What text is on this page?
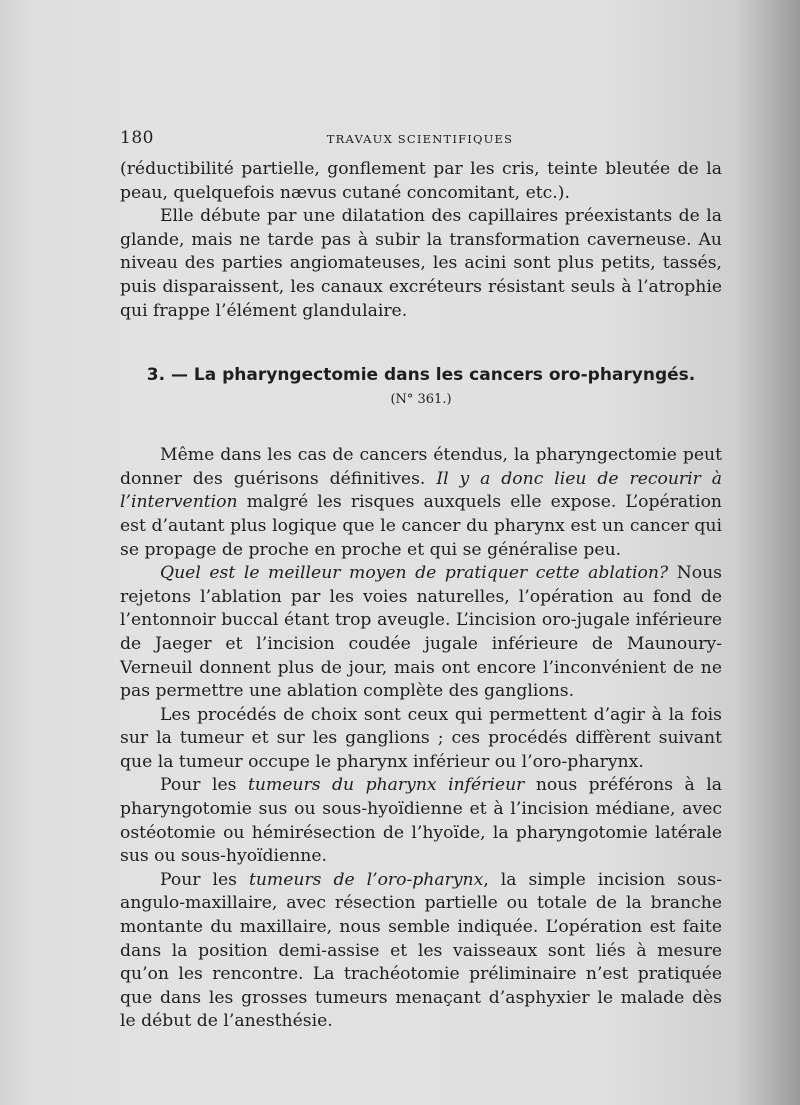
180	TRAVAUX SCIENTIFIQUES

(réductibilité partielle, gonflement par les cris, teinte bleutée de la peau, quelquefois nævus cutané concomitant, etc.).

Elle débute par une dilatation des capillaires préexistants de la glande, mais ne tarde pas à subir la transformation caverneuse. Au niveau des parties angiomateuses, les acini sont plus petits, tassés, puis disparaissent, les canaux excréteurs résistant seuls à l’atrophie qui frappe l’élément glandulaire.

3. — La pharyngectomie dans les cancers oro-pharyngés.
(N° 361.)

Même dans les cas de cancers étendus, la pharyngectomie peut donner des guérisons définitives. Il y a donc lieu de recourir à l’intervention malgré les risques auxquels elle expose. L’opération est d’autant plus logique que le cancer du pharynx est un cancer qui se propage de proche en proche et qui se généralise peu.

Quel est le meilleur moyen de pratiquer cette ablation? Nous rejetons l’ablation par les voies naturelles, l’opération au fond de l’entonnoir buccal étant trop aveugle. L’incision oro-jugale inférieure de Jaeger et l’incision coudée jugale inférieure de Maunoury-Verneuil donnent plus de jour, mais ont encore l’inconvénient de ne pas permettre une ablation complète des ganglions.

Les procédés de choix sont ceux qui permettent d’agir à la fois sur la tumeur et sur les ganglions ; ces procédés diffèrent suivant que la tumeur occupe le pharynx inférieur ou l’oro-pharynx.

Pour les tumeurs du pharynx inférieur nous préférons à la pharyngotomie sus ou sous-hyoïdienne et à l’incision médiane, avec ostéotomie ou hémirésection de l’hyoïde, la pharyngotomie latérale sus ou sous-hyoïdienne.

Pour les tumeurs de l’oro-pharynx, la simple incision sous-angulo-maxillaire, avec résection partielle ou totale de la branche montante du maxillaire, nous semble indiquée. L’opération est faite dans la position demi-assise et les vaisseaux sont liés à mesure qu’on les rencontre. La trachéotomie préliminaire n’est pratiquée que dans les grosses tumeurs menaçant d’asphyxier le malade dès le début de l’anesthésie.
